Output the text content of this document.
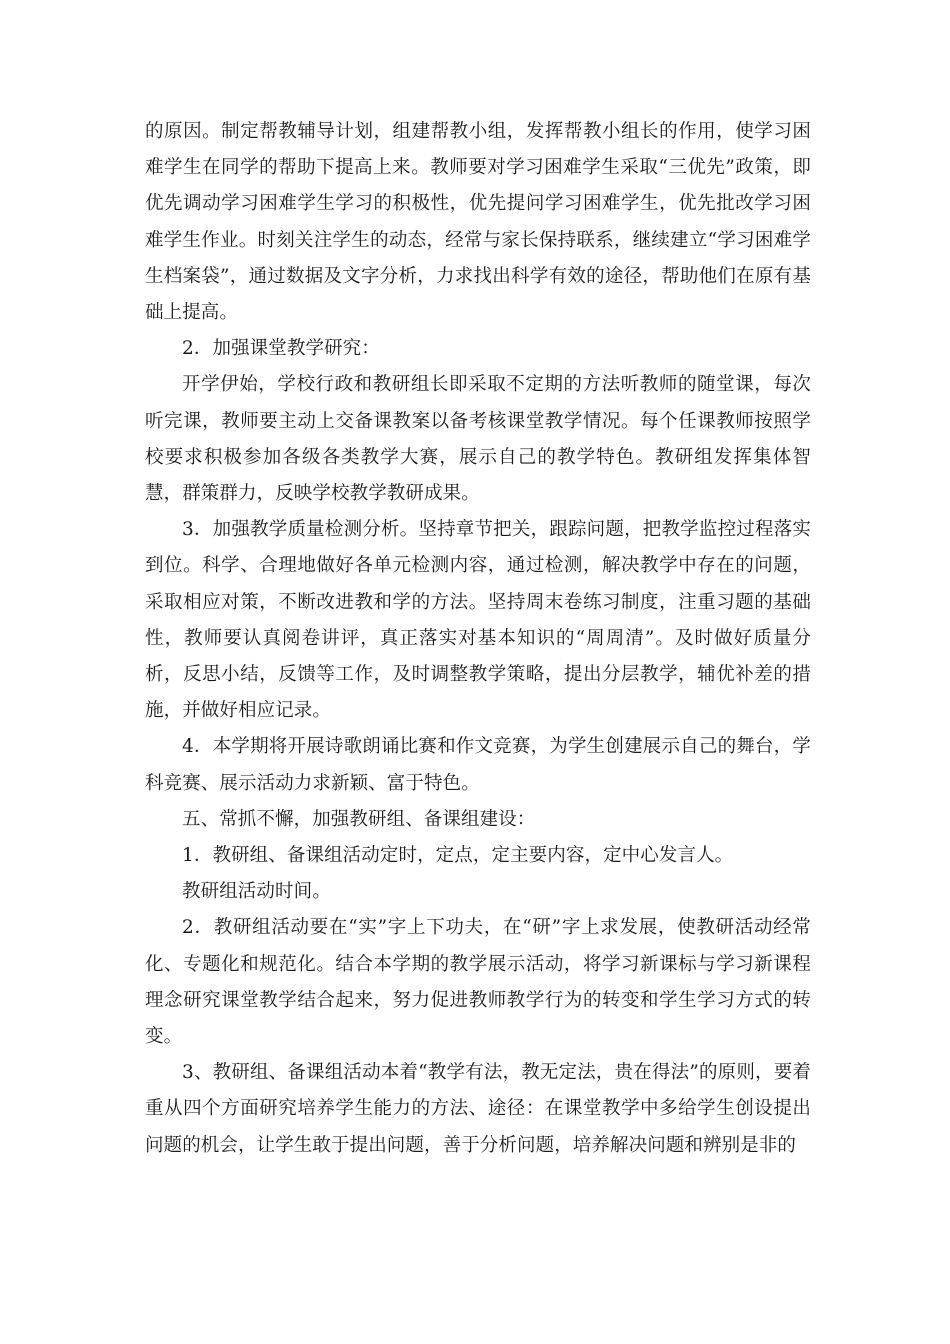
的原因。制定帮教辅导计划，组建帮教小组，发挥帮教小组长的作用，使学习困难学生在同学的帮助下提高上来。教师要对学习困难学生采取“三优先”政策，即优先调动学习困难学生学习的积极性，优先提问学习困难学生，优先批改学习困难学生作业。时刻关注学生的动态，经常与家长保持联系，继续建立“学习困难学生档案袋”，通过数据及文字分析，力求找出科学有效的途径，帮助他们在原有基础上提高。

2．加强课堂教学研究：

开学伊始，学校行政和教研组长即采取不定期的方法听教师的随堂课，每次听完课，教师要主动上交备课教案以备考核课堂教学情况。每个任课教师按照学校要求积极参加各级各类教学大赛，展示自己的教学特色。教研组发挥集体智慧，群策群力，反映学校教学教研成果。

3．加强教学质量检测分析。坚持章节把关，跟踪问题，把教学监控过程落实到位。科学、合理地做好各单元检测内容，通过检测，解决教学中存在的问题，采取相应对策，不断改进教和学的方法。坚持周末卷练习制度，注重习题的基础性，教师要认真阅卷讲评，真正落实对基本知识的“周周清”。及时做好质量分析，反思小结，反馈等工作，及时调整教学策略，提出分层教学，辅优补差的措施，并做好相应记录。

4．本学期将开展诗歌朗诵比赛和作文竞赛，为学生创建展示自己的舞台，学科竞赛、展示活动力求新颖、富于特色。

五、常抓不懈，加强教研组、备课组建设：

1．教研组、备课组活动定时，定点，定主要内容，定中心发言人。

教研组活动时间。

2．教研组活动要在“实”字上下功夫，在“研”字上求发展，使教研活动经常化、专题化和规范化。结合本学期的教学展示活动，将学习新课标与学习新课程理念研究课堂教学结合起来，努力促进教师教学行为的转变和学生学习方式的转变。

3、教研组、备课组活动本着“教学有法，教无定法，贵在得法”的原则，要着重从四个方面研究培养学生能力的方法、途径：在课堂教学中多给学生创设提出问题的机会，让学生敢于提出问题，善于分析问题，培养解决问题和辨别是非的
